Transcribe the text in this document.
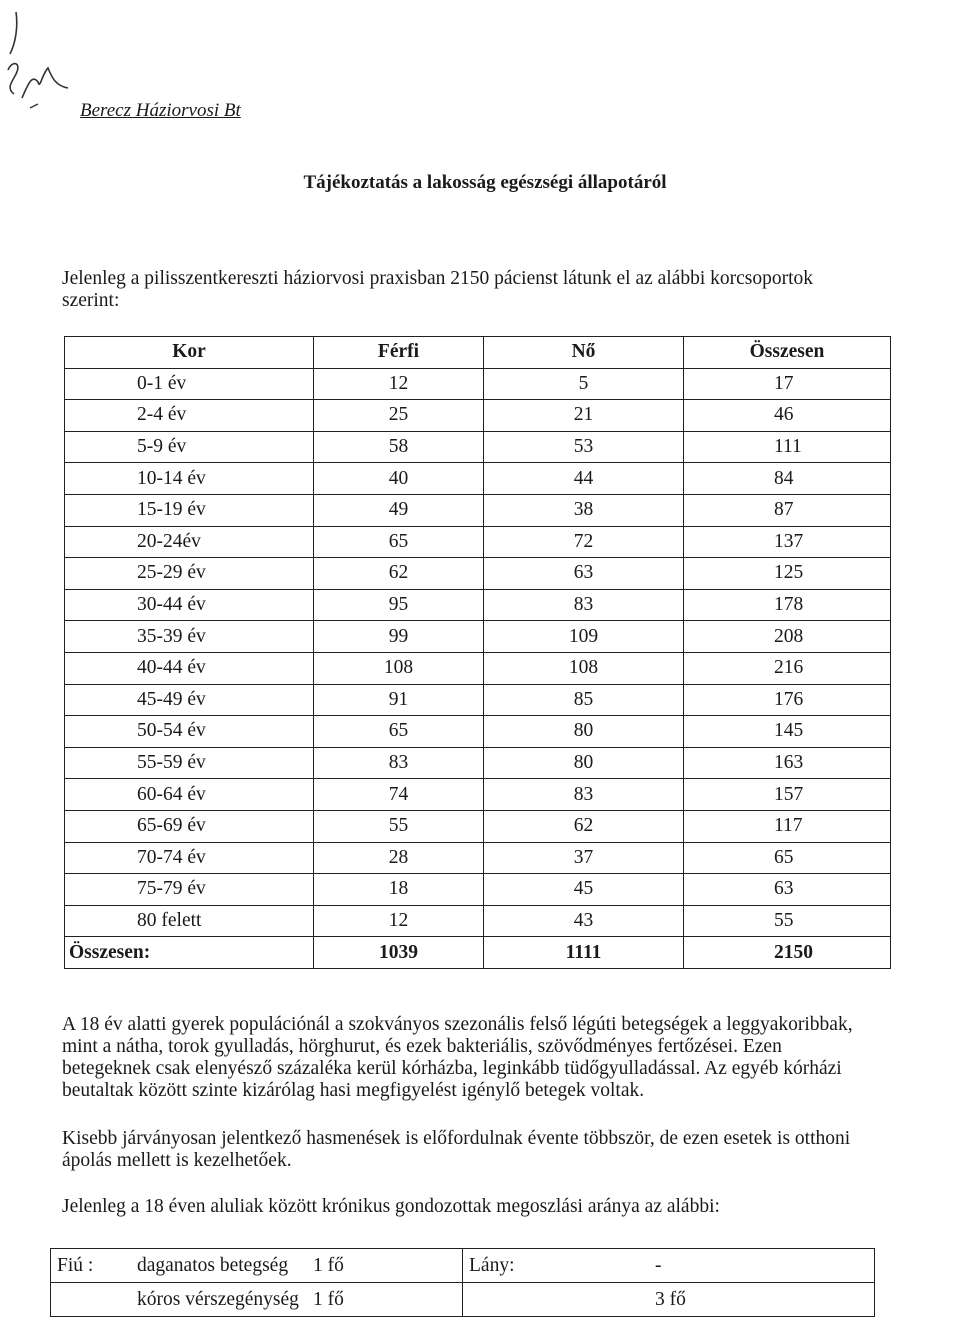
Berecz Háziorvosi Bt
Tájékoztatás a lakosság egészségi állapotáról
Jelenleg a pilisszentkereszti háziorvosi praxisban 2150 pácienst látunk el az alábbi korcsoportok szerint:
Kor	Férfi	Nő	Összesen
0-1 év	12	5	17
2-4 év	25	21	46
5-9 év	58	53	111
10-14 év	40	44	84
15-19 év	49	38	87
20-24év	65	72	137
25-29 év	62	63	125
30-44 év	95	83	178
35-39 év	99	109	208
40-44 év	108	108	216
45-49 év	91	85	176
50-54 év	65	80	145
55-59 év	83	80	163
60-64 év	74	83	157
65-69 év	55	62	117
70-74 év	28	37	65
75-79 év	18	45	63
80 felett	12	43	55
Összesen:	1039	1111	2150
A 18 év alatti gyerek populációnál a szokványos szezonális felső légúti betegségek a leggyakoribbak, mint a nátha, torok gyulladás, hörghurut, és ezek bakteriális, szövődményes fertőzései. Ezen betegeknek csak elenyésző százaléka kerül kórházba, leginkább tüdőgyulladással. Az egyéb kórházi beutaltak között szinte kizárólag hasi megfigyelést igénylő betegek voltak.
Kisebb járványosan jelentkező hasmenések is előfordulnak évente többször, de ezen esetek is otthoni ápolás mellett is kezelhetőek.
Jelenleg a 18 éven aluliak között krónikus gondozottak megoszlási aránya az alábbi:
Fiú : daganatos betegség 1 fő	Lány: -

kóros vérszegénység 1 fő	3 fő
